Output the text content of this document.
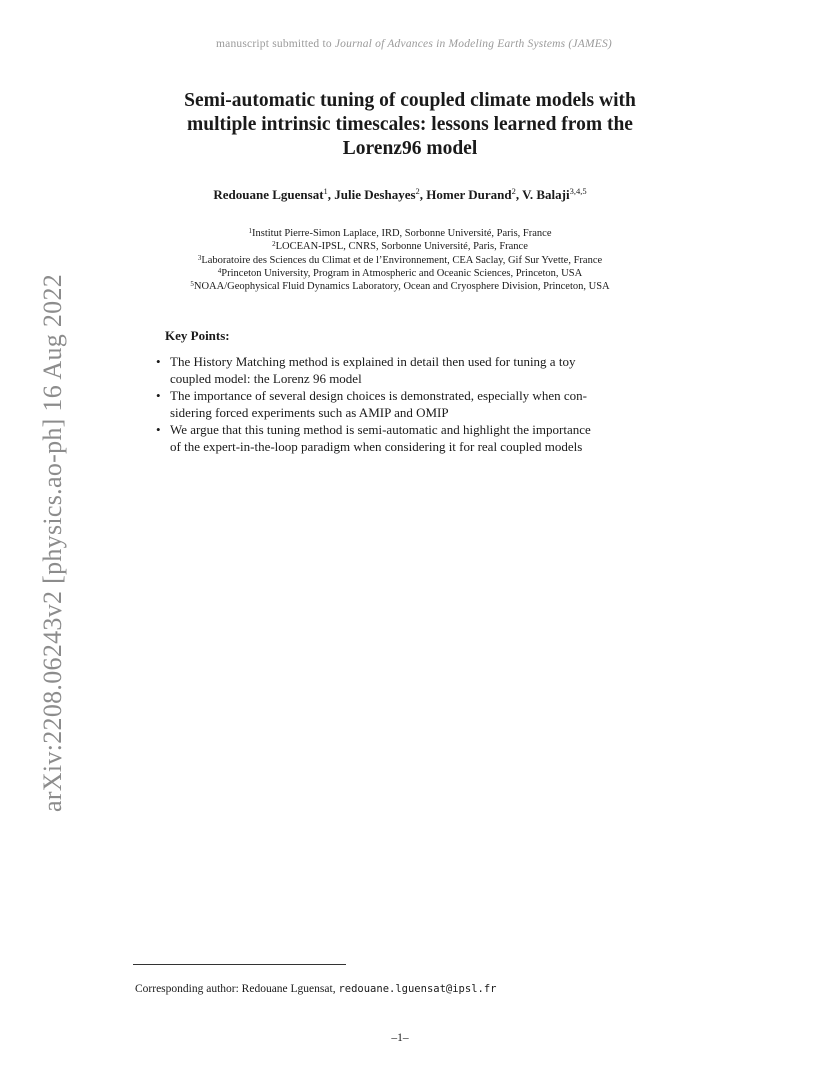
manuscript submitted to Journal of Advances in Modeling Earth Systems (JAMES)
Semi-automatic tuning of coupled climate models with
multiple intrinsic timescales: lessons learned from the
Lorenz96 model
Redouane Lguensat$^1$, Julie Deshayes$^2$, Homer Durand$^2$, V. Balaji$^{3,4,5}$
$^1$Institut Pierre-Simon Laplace, IRD, Sorbonne Université, Paris, France
$^2$LOCEAN-IPSL, CNRS, Sorbonne Université, Paris, France
$^3$Laboratoire des Sciences du Climat et de l’Environnement, CEA Saclay, Gif Sur Yvette, France
$^4$Princeton University, Program in Atmospheric and Oceanic Sciences, Princeton, USA
$^5$NOAA/Geophysical Fluid Dynamics Laboratory, Ocean and Cryosphere Division, Princeton, USA
Key Points:
• The History Matching method is explained in detail then used for tuning a toy
coupled model: the Lorenz 96 model
• The importance of several design choices is demonstrated, especially when con-
sidering forced experiments such as AMIP and OMIP
• We argue that this tuning method is semi-automatic and highlight the importance
of the expert-in-the-loop paradigm when considering it for real coupled models
arXiv:2208.06243v2 [physics.ao-ph] 16 Aug 2022
Corresponding author: Redouane Lguensat, redouane.lguensat@ipsl.fr
–1–
